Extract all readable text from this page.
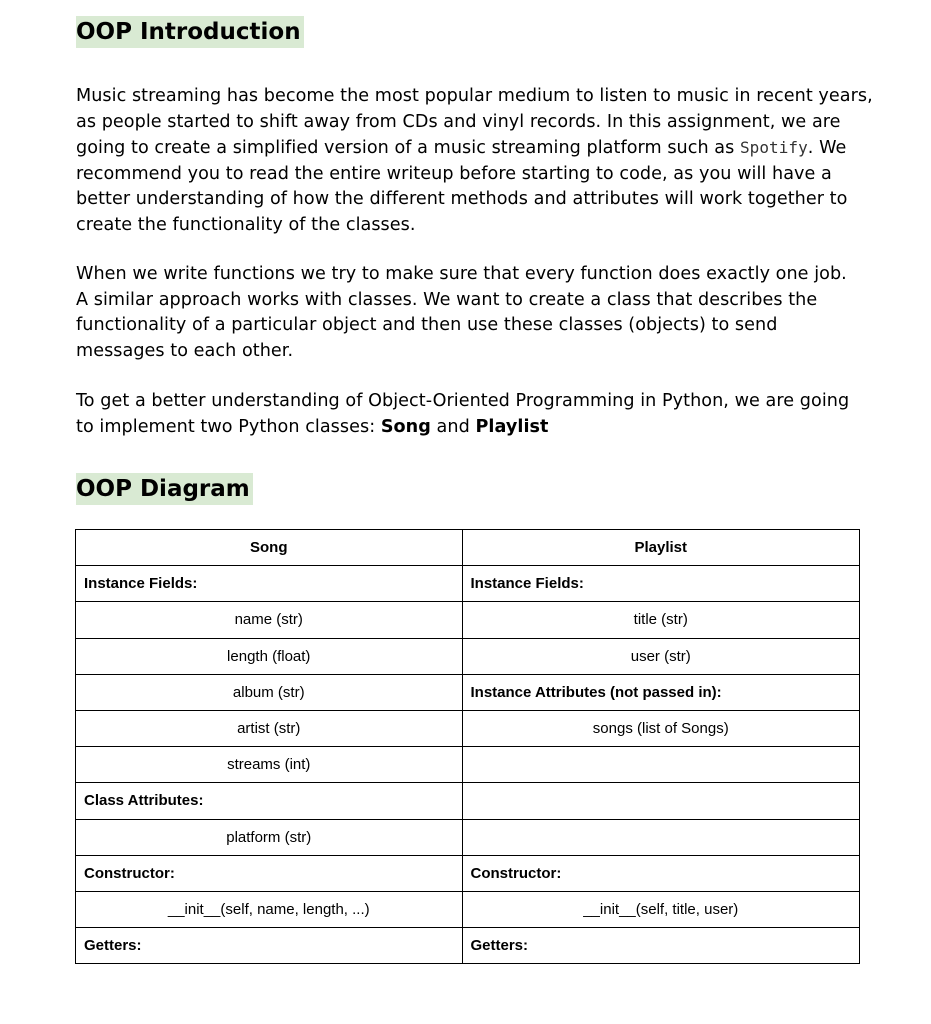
OOP Introduction

Music streaming has become the most popular medium to listen to music in recent years,
as people started to shift away from CDs and vinyl records. In this assignment, we are
going to create a simplified version of a music streaming platform such as Spotify. We
recommend you to read the entire writeup before starting to code, as you will have a
better understanding of how the different methods and attributes will work together to
create the functionality of the classes.

When we write functions we try to make sure that every function does exactly one job.
A similar approach works with classes. We want to create a class that describes the
functionality of a particular object and then use these classes (objects) to send
messages to each other.

To get a better understanding of Object-Oriented Programming in Python, we are going
to implement two Python classes: Song and Playlist

OOP Diagram
Song	Playlist
Instance Fields:	Instance Fields:
name (str)	title (str)
length (float)	user (str)
album (str)	Instance Attributes (not passed in):
artist (str)	songs (list of Songs)
streams (int)	
Class Attributes:	
platform (str)	
Constructor:	Constructor:
__init__(self, name, length, ...)	__init__(self, title, user)
Getters:	Getters:
